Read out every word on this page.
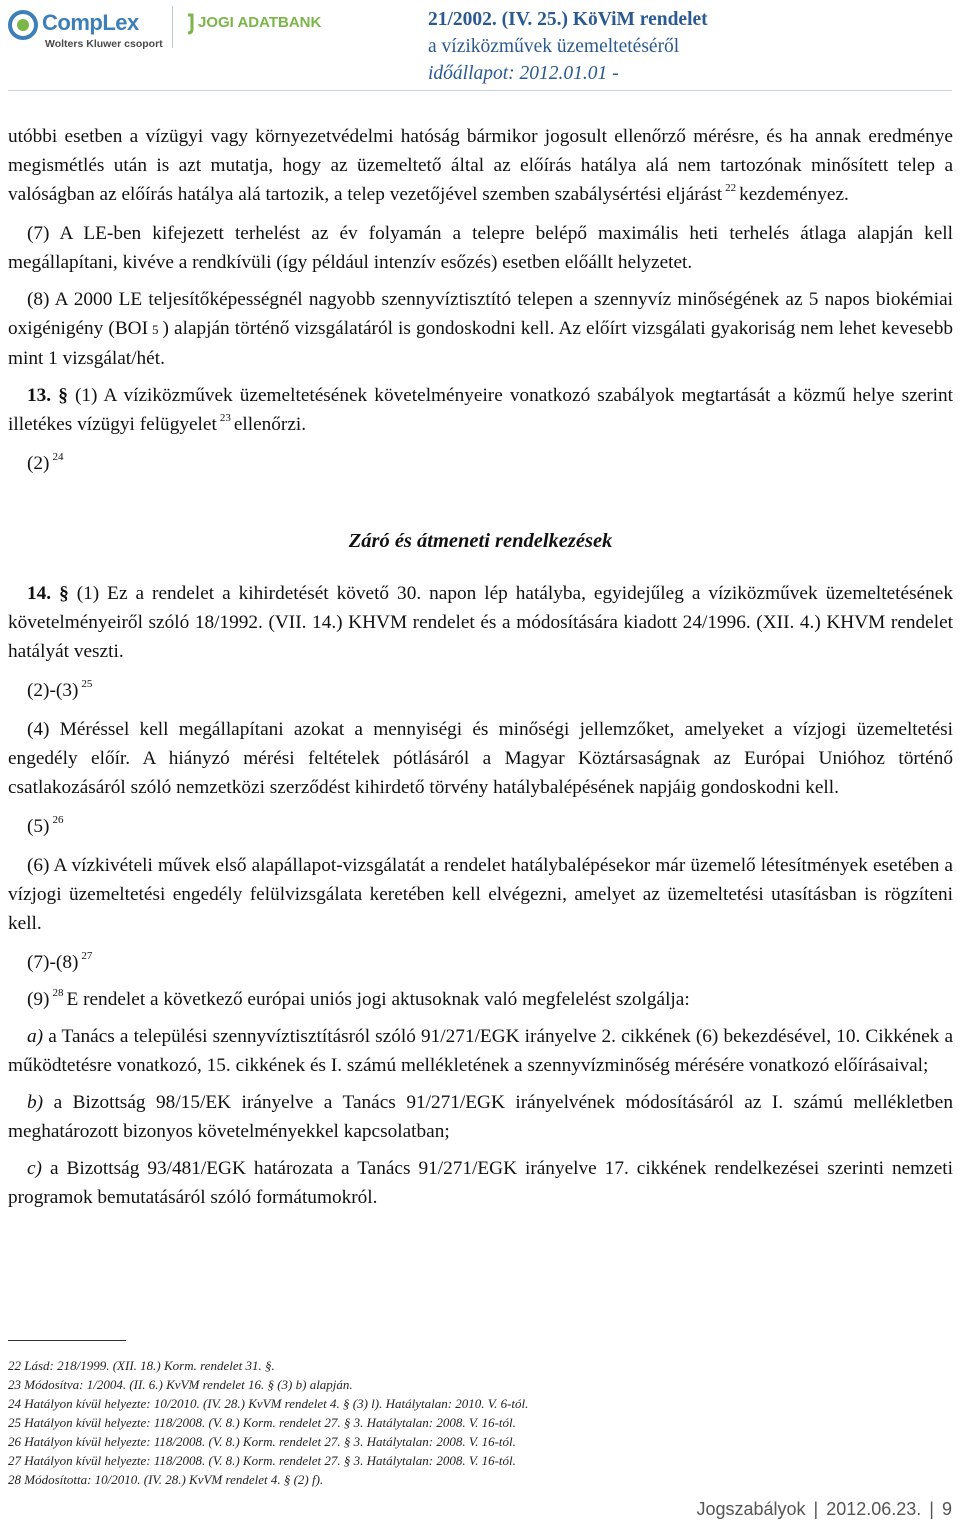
CompLex
Wolters Kluwer csoport
JOGI ADATBANK	21/2002. (IV. 25.) KöViM rendelet
a víziközművek üzemeltetéséről
időállapot: 2012.01.01 -

utóbbi esetben a vízügyi vagy környezetvédelmi hatóság bármikor jogosult ellenőrző mérésre, és ha annak eredménye megismétlés után is azt mutatja, hogy az üzemeltető által az előírás hatálya alá nem tartozónak minősített telep a valóságban az előírás hatálya alá tartozik, a telep vezetőjével szemben szabálysértési eljárást $^{22}$ kezdeményez.

(7) A LE-ben kifejezett terhelést az év folyamán a telepre belépő maximális heti terhelés átlaga alapján kell megállapítani, kivéve a rendkívüli (így például intenzív esőzés) esetben előállt helyzetet.

(8) A 2000 LE teljesítőképességnél nagyobb szennyvíztisztító telepen a szennyvíz minőségének az 5 napos biokémiai oxigénigény (BOI 5 ) alapján történő vizsgálatáról is gondoskodni kell. Az előírt vizsgálati gyakoriság nem lehet kevesebb mint 1 vizsgálat/hét.

13. § (1) A víziközművek üzemeltetésének követelményeire vonatkozó szabályok megtartását a közmű helye szerint illetékes vízügyi felügyelet $^{23}$ ellenőrzi.

(2) $^{24}$

Záró és átmeneti rendelkezések

14. § (1) Ez a rendelet a kihirdetését követő 30. napon lép hatályba, egyidejűleg a víziközművek üzemeltetésének követelményeiről szóló 18/1992. (VII. 14.) KHVM rendelet és a módosítására kiadott 24/1996. (XII. 4.) KHVM rendelet hatályát veszti.

(2)-(3) $^{25}$

(4) Méréssel kell megállapítani azokat a mennyiségi és minőségi jellemzőket, amelyeket a vízjogi üzemeltetési engedély előír. A hiányzó mérési feltételek pótlásáról a Magyar Köztársaságnak az Európai Unióhoz történő csatlakozásáról szóló nemzetközi szerződést kihirdető törvény hatálybalépésének napjáig gondoskodni kell.

(5) $^{26}$

(6) A vízkivételi művek első alapállapot-vizsgálatát a rendelet hatálybalépésekor már üzemelő létesítmények esetében a vízjogi üzemeltetési engedély felülvizsgálata keretében kell elvégezni, amelyet az üzemeltetési utasításban is rögzíteni kell.

(7)-(8) $^{27}$

(9) $^{28}$ E rendelet a következő európai uniós jogi aktusoknak való megfelelést szolgálja:

a) a Tanács a települési szennyvíztisztításról szóló 91/271/EGK irányelve 2. cikkének (6) bekezdésével, 10. Cikkének a működtetésre vonatkozó, 15. cikkének és I. számú mellékletének a szennyvízminőség mérésére vonatkozó előírásaival;

b) a Bizottság 98/15/EK irányelve a Tanács 91/271/EGK irányelvének módosításáról az I. számú mellékletben meghatározott bizonyos követelményekkel kapcsolatban;

c) a Bizottság 93/481/EGK határozata a Tanács 91/271/EGK irányelve 17. cikkének rendelkezései szerinti nemzeti programok bemutatásáról szóló formátumokról.

22 Lásd: 218/1999. (XII. 18.) Korm. rendelet 31. §.
23 Módosítva: 1/2004. (II. 6.) KvVM rendelet 16. § (3) b) alapján.
24 Hatályon kívül helyezte: 10/2010. (IV. 28.) KvVM rendelet 4. § (3) l). Hatálytalan: 2010. V. 6-tól.
25 Hatályon kívül helyezte: 118/2008. (V. 8.) Korm. rendelet 27. § 3. Hatálytalan: 2008. V. 16-tól.
26 Hatályon kívül helyezte: 118/2008. (V. 8.) Korm. rendelet 27. § 3. Hatálytalan: 2008. V. 16-tól.
27 Hatályon kívül helyezte: 118/2008. (V. 8.) Korm. rendelet 27. § 3. Hatálytalan: 2008. V. 16-tól.
28 Módosította: 10/2010. (IV. 28.) KvVM rendelet 4. § (2) f).
Jogszabályok | 2012.06.23. | 9
